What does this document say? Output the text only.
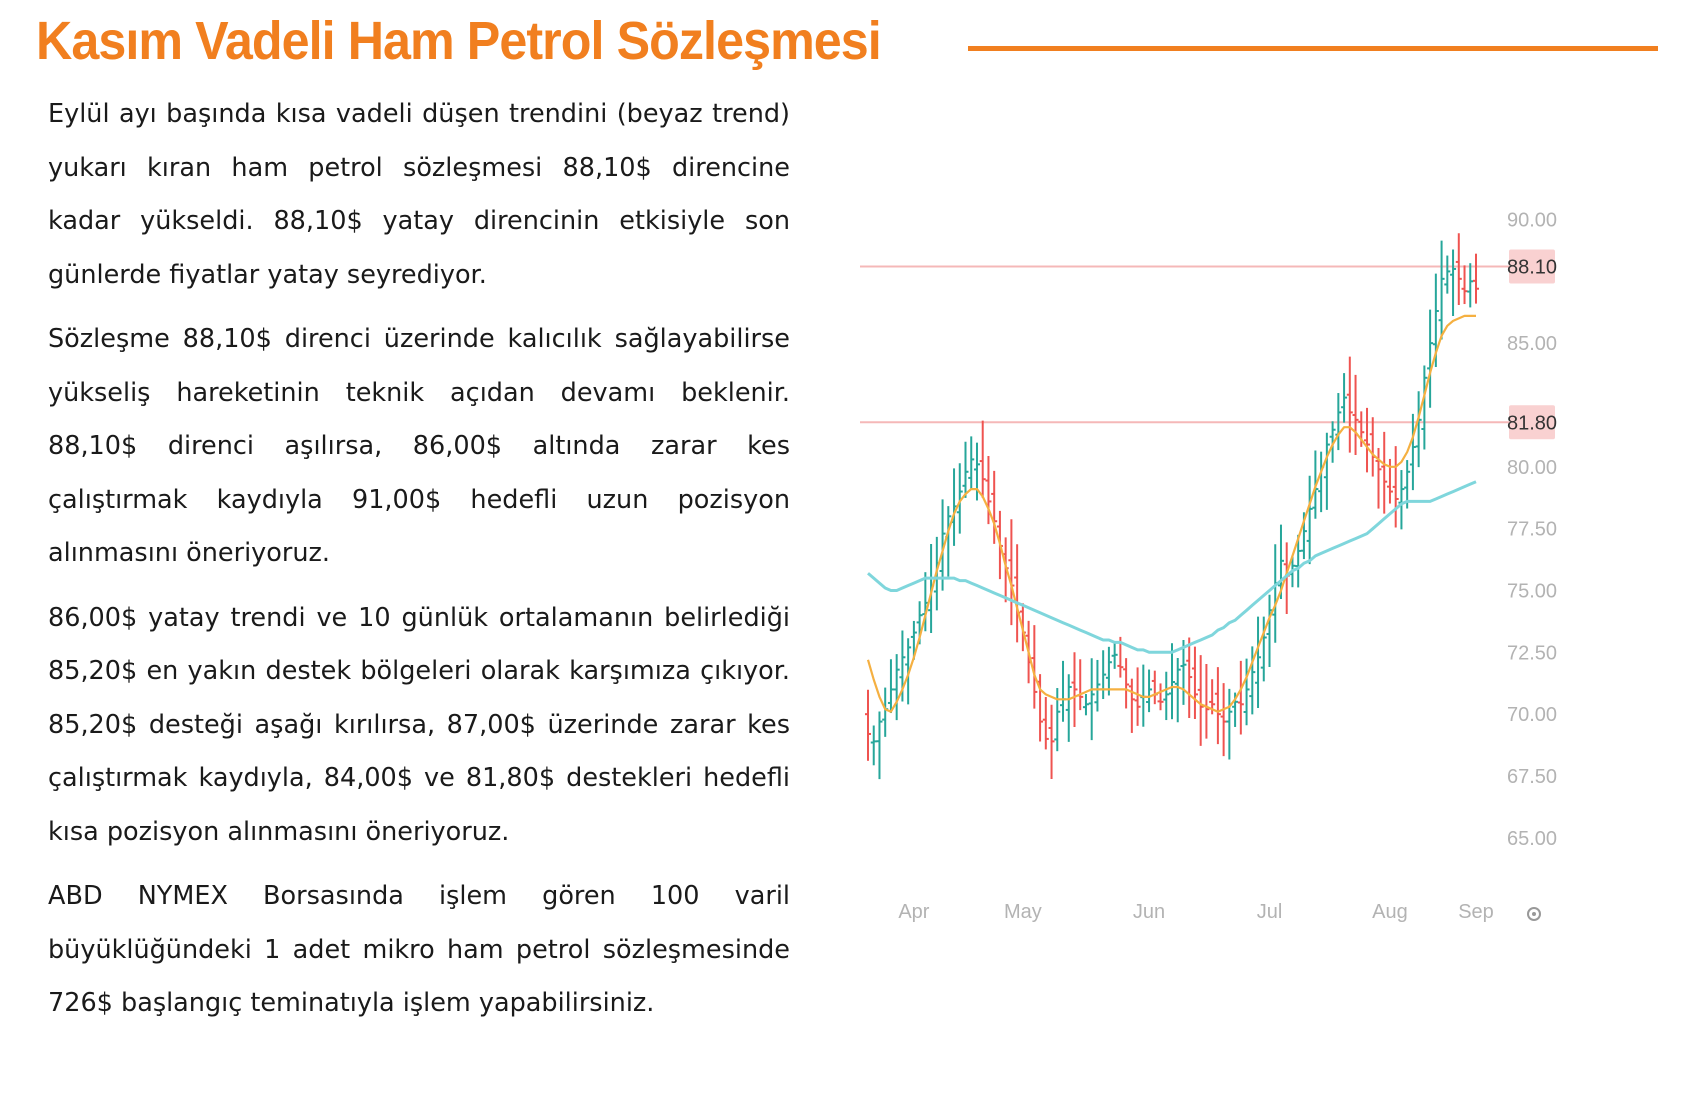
Kasım Vadeli Ham Petrol Sözleşmesi

Eylül ayı başında kısa vadeli düşen trendini (beyaz trend) yukarı kıran ham petrol sözleşmesi 88,10$ direncine kadar yükseldi. 88,10$ yatay direncinin etkisiyle son günlerde fiyatlar yatay seyrediyor.

Sözleşme 88,10$ direnci üzerinde kalıcılık sağlayabilirse yükseliş hareketinin teknik açıdan devamı beklenir. 88,10$ direnci aşılırsa, 86,00$ altında zarar kes çalıştırmak kaydıyla 91,00$ hedefli uzun pozisyon alınmasını öneriyoruz.

86,00$ yatay trendi ve 10 günlük ortalamanın belirlediği 85,20$ en yakın destek bölgeleri olarak karşımıza çıkıyor. 85,20$ desteği aşağı kırılırsa, 87,00$ üzerinde zarar kes çalıştırmak kaydıyla, 84,00$ ve 81,80$ destekleri hedefli kısa pozisyon alınmasını öneriyoruz.

ABD NYMEX Borsasında işlem gören 100 varil büyüklüğündeki 1 adet mikro ham petrol sözleşmesinde 726$ başlangıç teminatıyla işlem yapabilirsiniz.

88.10
81.80
90.00
85.00
80.00
77.50
75.00
72.50
70.00
67.50
65.00
Apr	May	Jun	Jul	Aug	Sep
